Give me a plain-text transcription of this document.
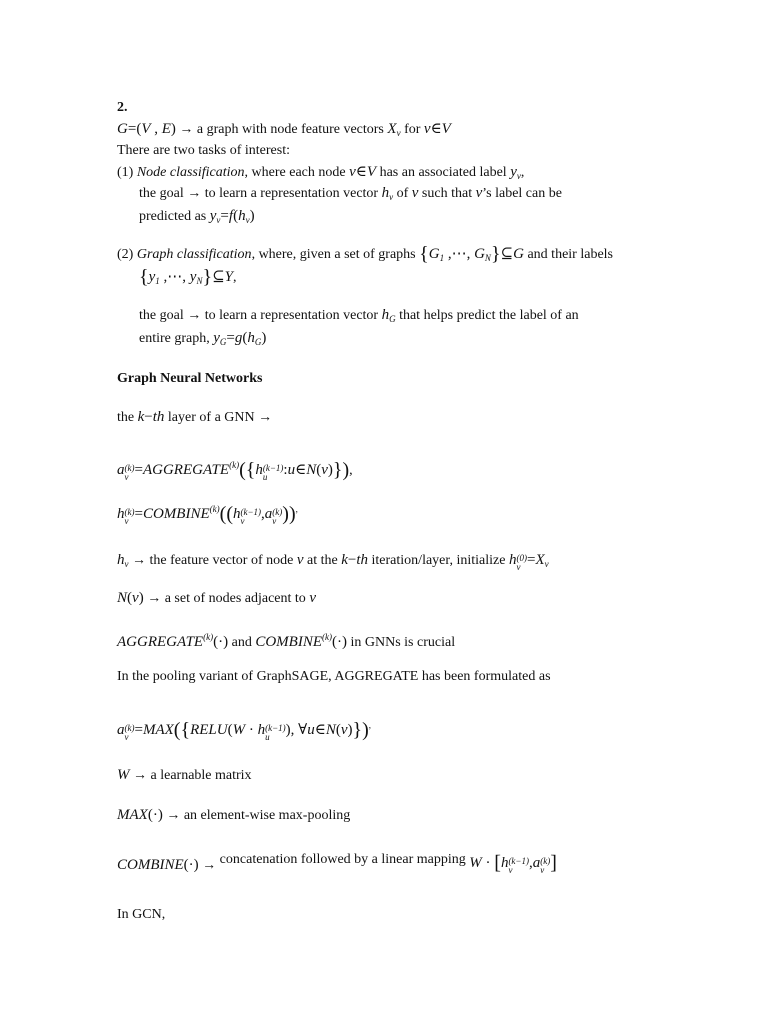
2.
G=(V , E) → a graph with node feature vectors $X_v$ for v∈V
There are two tasks of interest:
(1) Node classification, where each node v∈V has an associated label $y_v$,
the goal → to learn a representation vector $h_v$ of v such that v’s label can be
predicted as $y_v=f(h_v)$
(2) Graph classification, where, given a set of graphs {$G_1$ ,⋯, $G_N\}⊆G$ and their labels
{$y_1$ ,⋯, $y_N\}⊆Y$,
the goal → to learn a representation vector $h_G$ that helps predict the label of an
entire graph, $y_G=g(h_G)$
Graph Neural Networks
the k−th layer of a GNN →
a (k)
$v =AGGREGATE^{(k)}(\{h$ (k−1)
u	:u∈N(v)}),
h (k)
$v =COMBINE^{(k)}((h$ (k−1)
v	,a (k)
v )),
$h_v$ → the feature vector of node v at the k−th iteration/layer, initialize h (0)
$v =X_v$
N(v) → a set of nodes adjacent to v
$AGGREGATE^{(k)}(\cdot)$ and $COMBINE^{(k)}(\cdot)$ in GNNs is crucial
In the pooling variant of GraphSAGE, AGGREGATE has been formulated as
a (k)
v =MAX({RELU(W · h (k−1)
u	), ∀u∈N(v)}),
W → a learnable matrix
MAX(·) → an element-wise max-pooling
COMBINE(·) → concatenation followed by a linear mapping W · [h (k−1)
v	,a (k)
v ]
In GCN,
